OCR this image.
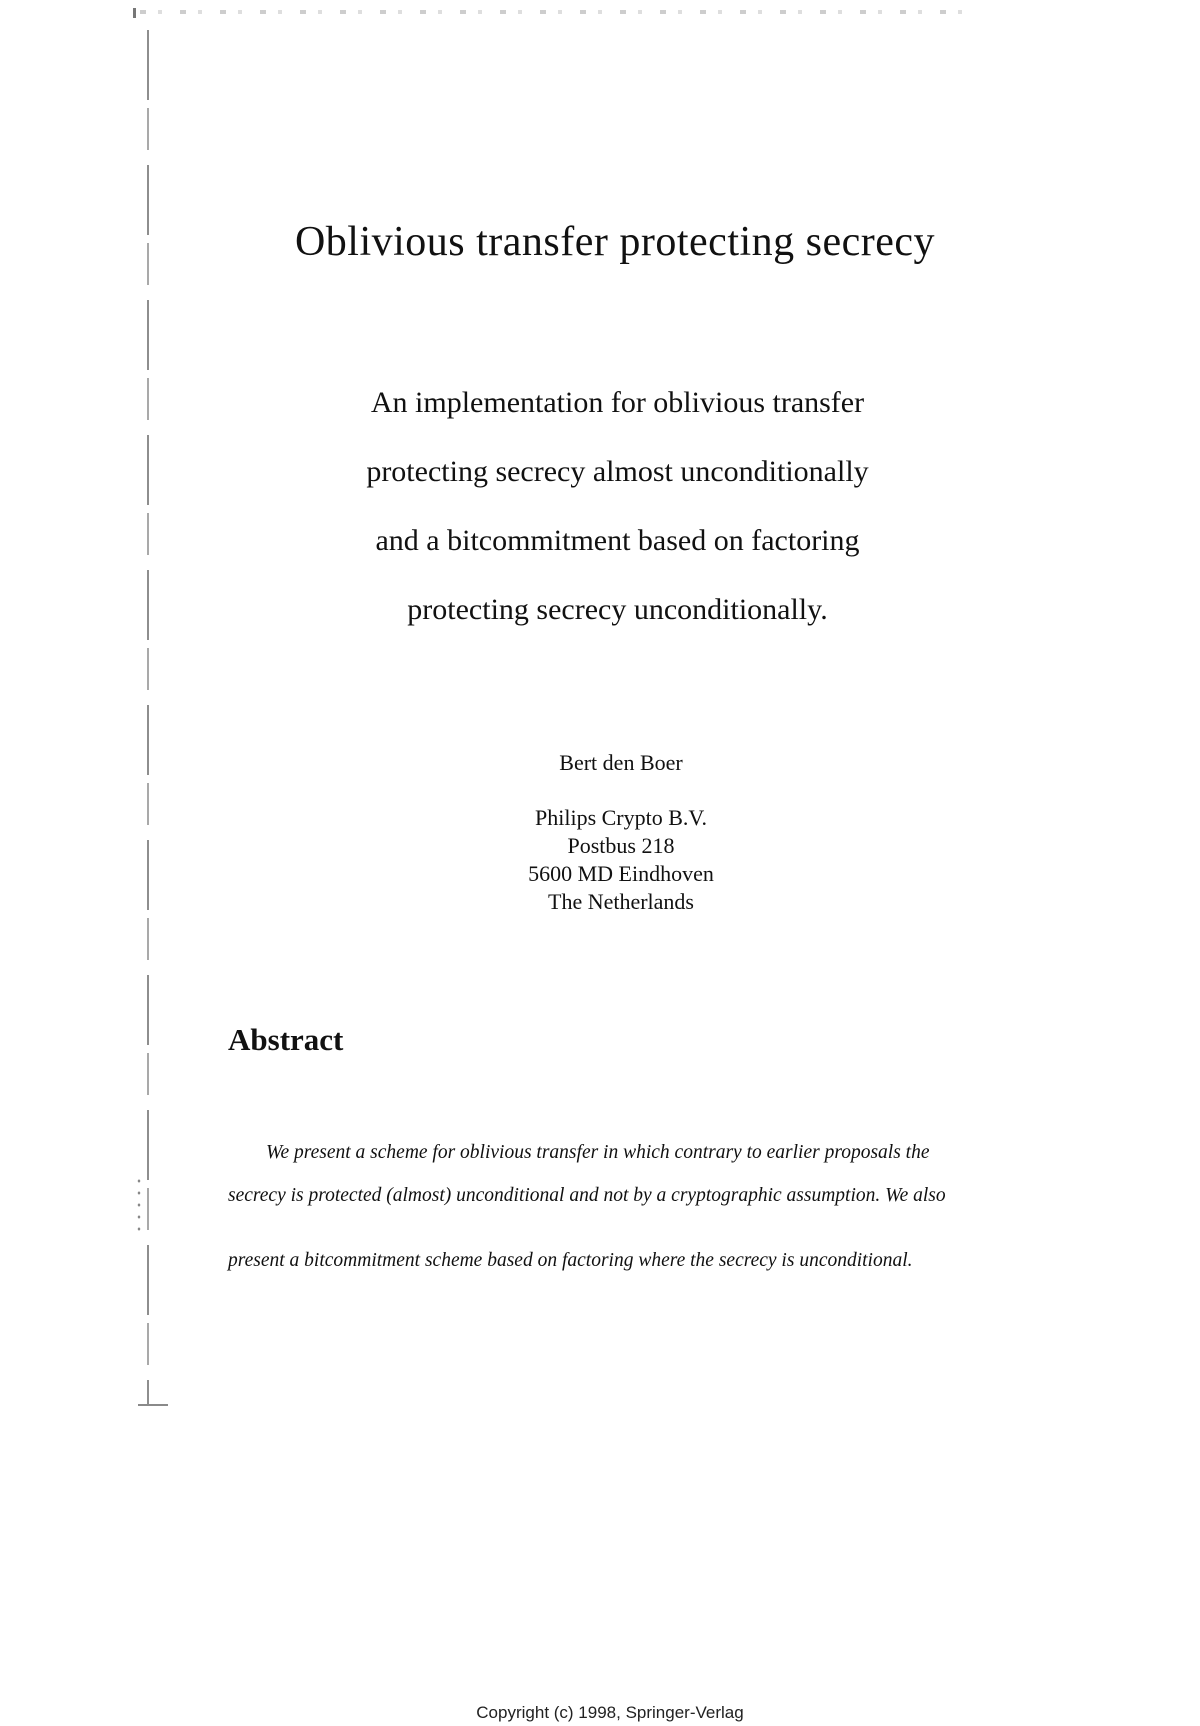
Oblivious transfer protecting secrecy
An implementation for oblivious transfer
protecting secrecy almost unconditionally
and a bitcommitment based on factoring
protecting secrecy unconditionally.
Bert den Boer
Philips Crypto B.V.
Postbus 218
5600 MD Eindhoven
The Netherlands
Abstract
We present a scheme for oblivious transfer in which contrary to earlier proposals the
secrecy is protected (almost) unconditional and not by a cryptographic assumption. We also
present a bitcommitment scheme based on factoring where the secrecy is unconditional.
Copyright (c) 1998, Springer-Verlag
